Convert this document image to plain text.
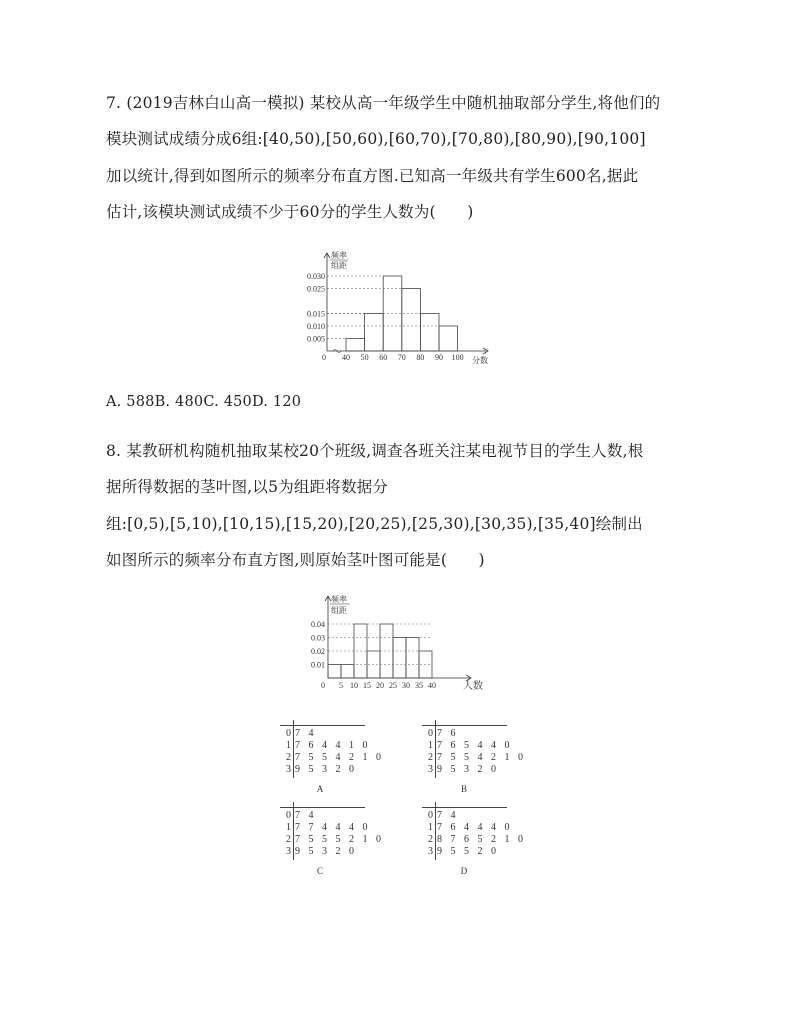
7. (2019吉林白山高一模拟) 某校从高一年级学生中随机抽取部分学生,将他们的
模块测试成绩分成6组:[40,50),[50,60),[60,70),[70,80),[80,90),[90,100]
加以统计,得到如图所示的频率分布直方图.已知高一年级共有学生600名,据此
估计,该模块测试成绩不少于60分的学生人数为(　　)
频率
组距
分数
0 40 50 60 70 80 90 100
0.005
0.010
0.015
0.025
0.030
A. 588B. 480C. 450D. 120
8. 某教研机构随机抽取某校20个班级,调查各班关注某电视节目的学生人数,根
据所得数据的茎叶图,以5为组距将数据分
组:[0,5),[5,10),[10,15),[15,20),[20,25),[25,30),[30,35),[35,40]绘制出
如图所示的频率分布直方图,则原始茎叶图可能是(　　)
频率
组距
人数
0 5 10 15 20 25 30 35 40
0.04
0.03
0.02
0.01
0 7 4
1 7 6 4 4 1 0
2 7 5 5 4 2 1 0
3 9 5 3 2 0
A
0 7 6
1 7 6 5 4 4 0
2 7 5 5 4 2 1 0
3 9 5 3 2 0
B
0 7 4
1 7 7 4 4 4 0
2 7 5 5 5 2 1 0
3 9 5 3 2 0
C
0 7 4
1 7 6 4 4 4 0
2 8 7 6 5 2 1 0
3 9 5 5 2 0
D
